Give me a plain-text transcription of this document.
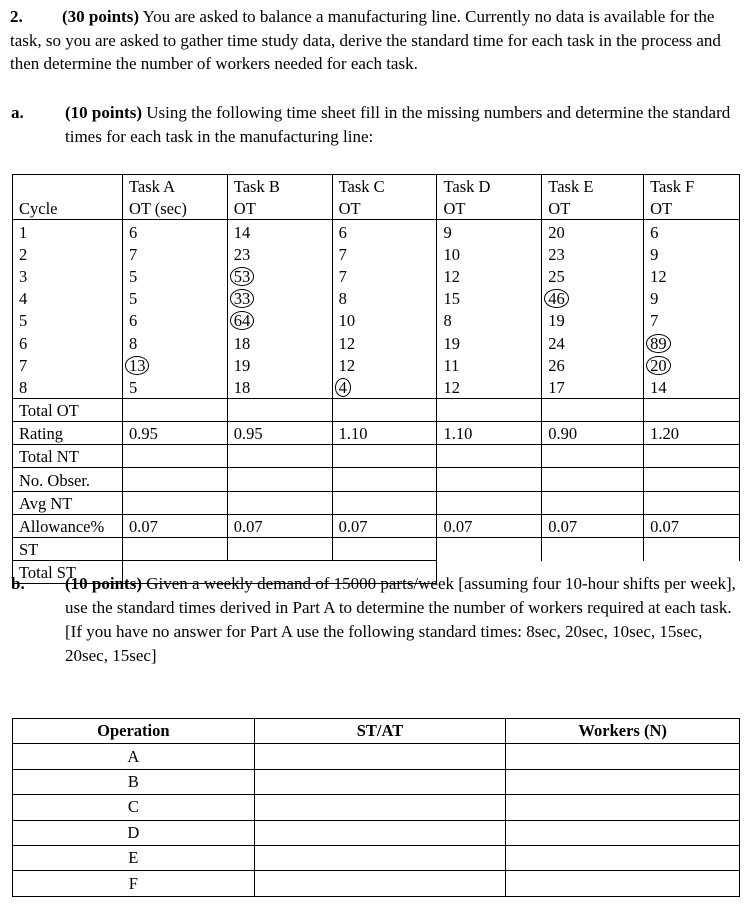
2. (30 points) You are asked to balance a manufacturing line. Currently no data is available for the task, so you are asked to gather time study data, derive the standard time for each task in the process and then determine the number of workers needed for each task.
a. (10 points) Using the following time sheet fill in the missing numbers and determine the standard times for each task in the manufacturing line:
	Task A	Task B	Task C	Task D	Task E	Task F
Cycle	OT (sec)	OT	OT	OT	OT	OT
1	6	14	6	9	20	6
2	7	23	7	10	23	9
3	5	53	7	12	25	12
4	5	33	8	15	46	9
5	6	64	10	8	19	7
6	8	18	12	19	24	89
7	13	19	12	11	26	20
8	5	18	4	12	17	14
Total OT						
Rating	0.95	0.95	1.10	1.10	0.90	1.20
Total NT						
No. Obser.						
Avg NT						
Allowance%	0.07	0.07	0.07	0.07	0.07	0.07
ST						
Total ST						
b. (10 points) Given a weekly demand of 15000 parts/week [assuming four 10-hour shifts per week], use the standard times derived in Part A to determine the number of workers required at each task. [If you have no answer for Part A use the following standard times: 8sec, 20sec, 10sec, 15sec, 20sec, 15sec]
Operation	ST/AT	Workers (N)
A		
B		
C		
D		
E		
F		
